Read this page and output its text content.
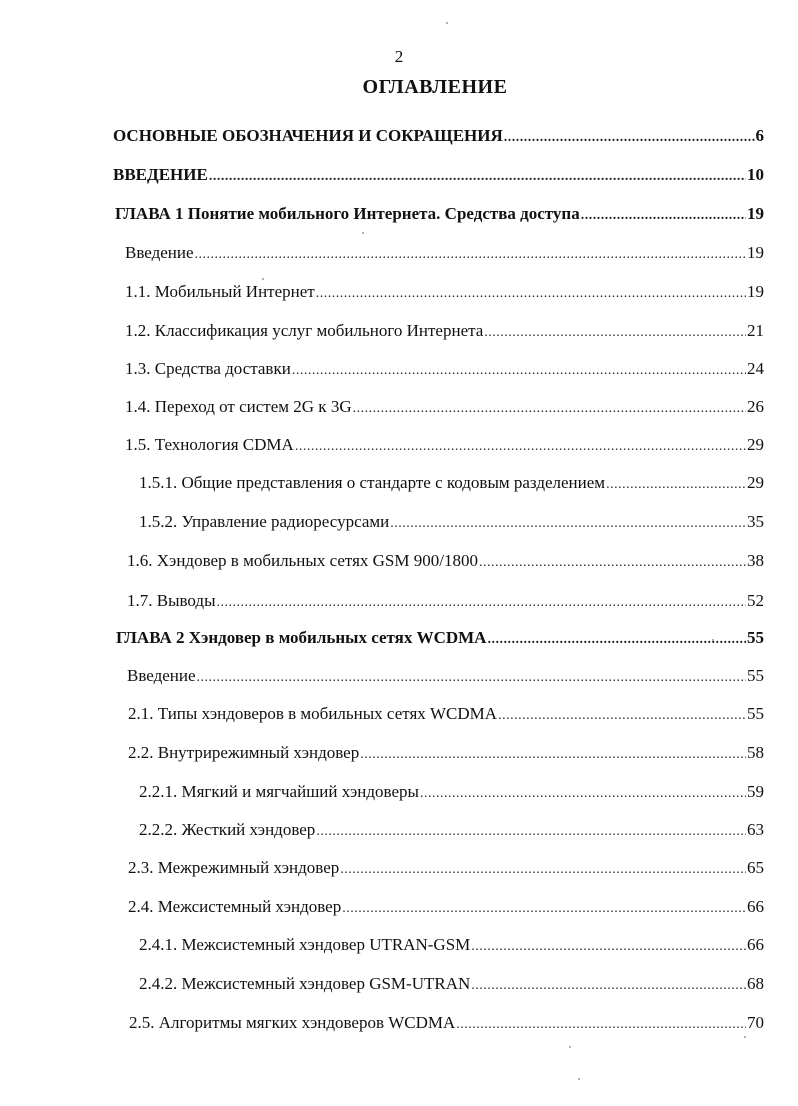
2
ОГЛАВЛЕНИЕ
ОСНОВНЫЕ ОБОЗНАЧЕНИЯ И СОКРАЩЕНИЯ .....	6
ВВЕДЕНИЕ .....	10
ГЛАВА 1 Понятие мобильного Интернета. Средства доступа .....	19
Введение .....	19
1.1. Мобильный Интернет .....	19
1.2. Классификация услуг мобильного Интернета .....	21
1.3. Средства доставки .....	24
1.4. Переход от систем 2G к 3G .....	26
1.5. Технология CDMA .....	29
1.5.1. Общие представления о стандарте с кодовым разделением .....	29
1.5.2. Управление радиоресурсами .....	35
1.6. Хэндовер в мобильных сетях GSM 900/1800 .....	38
1.7. Выводы .....	52
ГЛАВА 2 Хэндовер в мобильных сетях WCDMA .....	55
Введение .....	55
2.1. Типы хэндоверов в мобильных сетях WCDMA .....	55
2.2. Внутрирежимный хэндовер .....	58
2.2.1. Мягкий и мягчайший хэндоверы .....	59
2.2.2. Жесткий хэндовер .....	63
2.3. Межрежимный хэндовер .....	65
2.4. Межсистемный хэндовер .....	66
2.4.1. Межсистемный хэндовер UTRAN-GSM .....	66
2.4.2. Межсистемный хэндовер GSM-UTRAN .....	68
2.5. Алгоритмы мягких хэндоверов WCDMA .....	70
